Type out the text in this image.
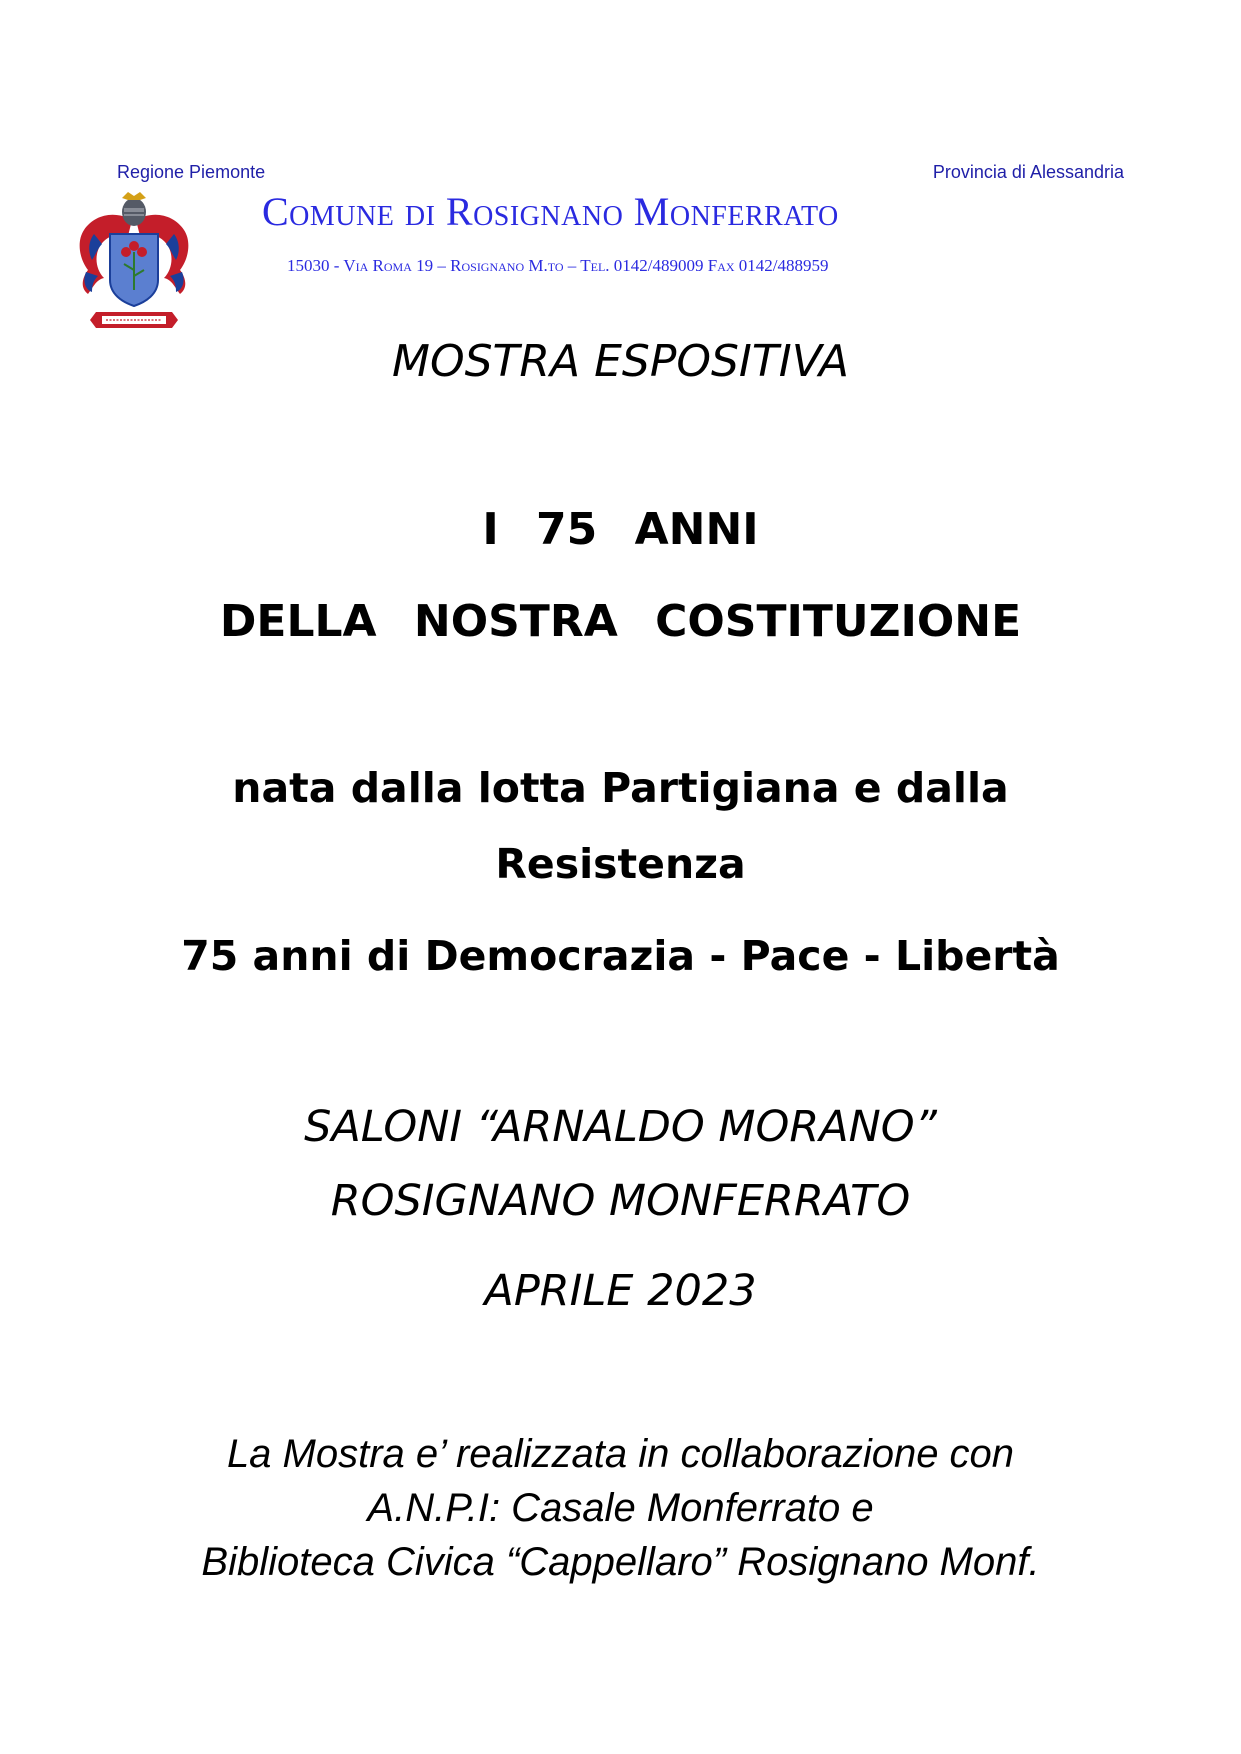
Regione Piemonte	Provincia di Alessandria
Comune di Rosignano Monferrato
15030 - Via Roma 19 – Rosignano M.to – Tel. 0142/489009 Fax 0142/488959
MOSTRA ESPOSITIVA
I 75 ANNI
DELLA NOSTRA COSTITUZIONE
nata dalla lotta Partigiana e dalla
Resistenza
75 anni di Democrazia - Pace - Libertà
SALONI “ARNALDO MORANO”
ROSIGNANO MONFERRATO
APRILE 2023
La Mostra e’ realizzata in collaborazione con
A.N.P.I: Casale Monferrato e
Biblioteca Civica “Cappellaro” Rosignano Monf.
